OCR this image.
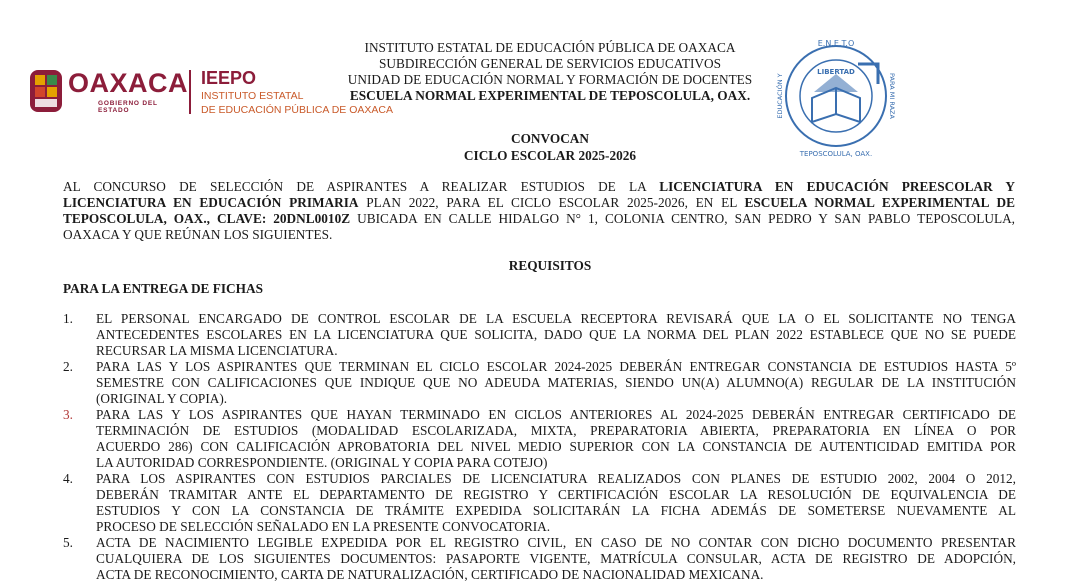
OAXACA
GOBIERNO DEL ESTADO
IEEPO
INSTITUTO ESTATAL
DE EDUCACIÓN PÚBLICA DE OAXACA
INSTITUTO ESTATAL DE EDUCACIÓN PÚBLICA DE OAXACA
SUBDIRECCIÓN GENERAL DE SERVICIOS EDUCATIVOS
UNIDAD DE EDUCACIÓN NORMAL Y FORMACIÓN DE DOCENTES
ESCUELA NORMAL EXPERIMENTAL DE TEPOSCOLULA, OAX.
E.N.E.T.O
LIBERTAD
EDUCACIÓN Y	PARA MI RAZA
TEPOSCOLULA, OAX.
CONVOCAN
CICLO ESCOLAR 2025-2026
AL CONCURSO DE SELECCIÓN DE ASPIRANTES A REALIZAR ESTUDIOS DE LA LICENCIATURA EN EDUCACIÓN PREESCOLAR Y
LICENCIATURA EN EDUCACIÓN PRIMARIA PLAN 2022, PARA EL CICLO ESCOLAR 2025-2026, EN EL ESCUELA NORMAL EXPERIMENTAL DE
TEPOSCOLULA, OAX., CLAVE: 20DNL0010Z UBICADA EN CALLE HIDALGO N° 1, COLONIA CENTRO, SAN PEDRO Y SAN PABLO TEPOSCOLULA,
OAXACA Y QUE REÚNAN LOS SIGUIENTES.
REQUISITOS
PARA LA ENTREGA DE FICHAS
1.	EL PERSONAL ENCARGADO DE CONTROL ESCOLAR DE LA ESCUELA RECEPTORA REVISARÁ QUE LA O EL SOLICITANTE NO TENGA
ANTECEDENTES ESCOLARES EN LA LICENCIATURA QUE SOLICITA, DADO QUE LA NORMA DEL PLAN 2022 ESTABLECE QUE NO SE PUEDE
RECURSAR LA MISMA LICENCIATURA.
2.	PARA LAS Y LOS ASPIRANTES QUE TERMINAN EL CICLO ESCOLAR 2024-2025 DEBERÁN ENTREGAR CONSTANCIA DE ESTUDIOS HASTA 5º
SEMESTRE CON CALIFICACIONES QUE INDIQUE QUE NO ADEUDA MATERIAS, SIENDO UN(A) ALUMNO(A) REGULAR DE LA INSTITUCIÓN
(ORIGINAL Y COPIA).
3.	PARA LAS Y LOS ASPIRANTES QUE HAYAN TERMINADO EN CICLOS ANTERIORES AL 2024-2025 DEBERÁN ENTREGAR CERTIFICADO DE
TERMINACIÓN DE ESTUDIOS (MODALIDAD ESCOLARIZADA, MIXTA, PREPARATORIA ABIERTA, PREPARATORIA EN LÍNEA O POR
ACUERDO 286) CON CALIFICACIÓN APROBATORIA DEL NIVEL MEDIO SUPERIOR CON LA CONSTANCIA DE AUTENTICIDAD EMITIDA POR
LA AUTORIDAD CORRESPONDIENTE. (ORIGINAL Y COPIA PARA COTEJO)
4.	PARA LOS ASPIRANTES CON ESTUDIOS PARCIALES DE LICENCIATURA REALIZADOS CON PLANES DE ESTUDIO 2002, 2004 O 2012,
DEBERÁN TRAMITAR ANTE EL DEPARTAMENTO DE REGISTRO Y CERTIFICACIÓN ESCOLAR LA RESOLUCIÓN DE EQUIVALENCIA DE
ESTUDIOS Y CON LA CONSTANCIA DE TRÁMITE EXPEDIDA SOLICITARÁN LA FICHA ADEMÁS DE SOMETERSE NUEVAMENTE AL
PROCESO DE SELECCIÓN SEÑALADO EN LA PRESENTE CONVOCATORIA.
5.	ACTA DE NACIMIENTO LEGIBLE EXPEDIDA POR EL REGISTRO CIVIL, EN CASO DE NO CONTAR CON DICHO DOCUMENTO PRESENTAR
CUALQUIERA DE LOS SIGUIENTES DOCUMENTOS: PASAPORTE VIGENTE, MATRÍCULA CONSULAR, ACTA DE REGISTRO DE ADOPCIÓN,
ACTA DE RECONOCIMIENTO, CARTA DE NATURALIZACIÓN, CERTIFICADO DE NACIONALIDAD MEXICANA.
